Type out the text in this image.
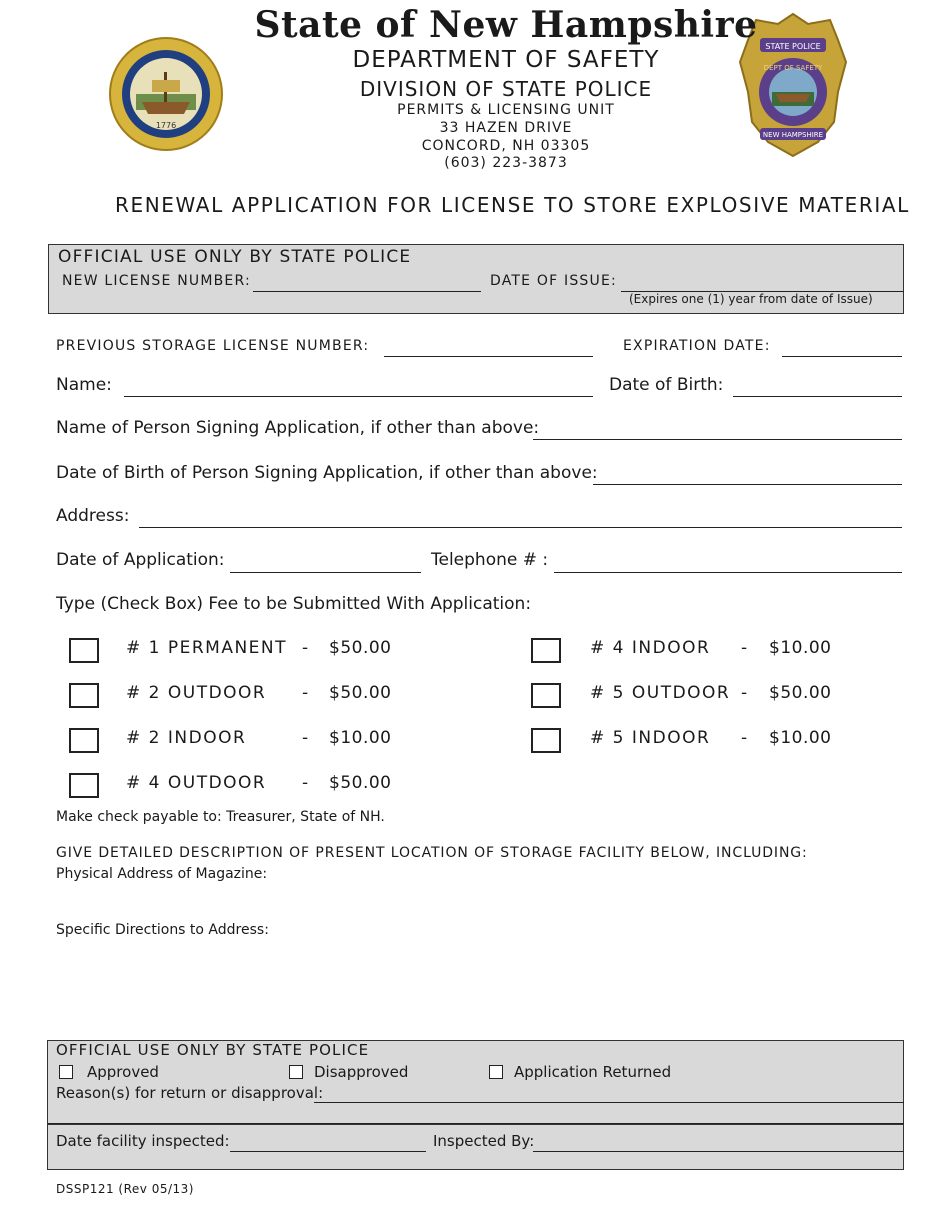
1776
STATE POLICE
DEPT OF SAFETY
NEW HAMPSHIRE
State of New Hampshire
DEPARTMENT OF SAFETY
DIVISION OF STATE POLICE
PERMITS & LICENSING UNIT
33 HAZEN DRIVE
CONCORD, NH 03305
(603) 223-3873
RENEWAL APPLICATION FOR LICENSE TO STORE EXPLOSIVE MATERIAL
OFFICIAL USE ONLY BY STATE POLICE
NEW LICENSE NUMBER:	DATE OF ISSUE:
(Expires one (1) year from date of Issue)
PREVIOUS STORAGE LICENSE NUMBER:	EXPIRATION DATE:
Name:	Date of Birth:
Name of Person Signing Application, if other than above:
Date of Birth of Person Signing Application, if other than above:
Address:
Date of Application:	Telephone # :
Type (Check Box) Fee to be Submitted With Application:
# 1 PERMANENT - $50.00
# 2 OUTDOOR - $50.00
# 2 INDOOR	- $10.00
# 4 OUTDOOR - $50.00
# 4 INDOOR - $10.00
# 5 OUTDOOR - $50.00
# 5 INDOOR - $10.00
Make check payable to: Treasurer, State of NH.
GIVE DETAILED DESCRIPTION OF PRESENT LOCATION OF STORAGE FACILITY BELOW, INCLUDING:
Physical Address of Magazine:
Specific Directions to Address:
OFFICIAL USE ONLY BY STATE POLICE
Approved	Disapproved	Application Returned
Reason(s) for return or disapproval:
Date facility inspected:	Inspected By:
DSSP121 (Rev 05/13)
